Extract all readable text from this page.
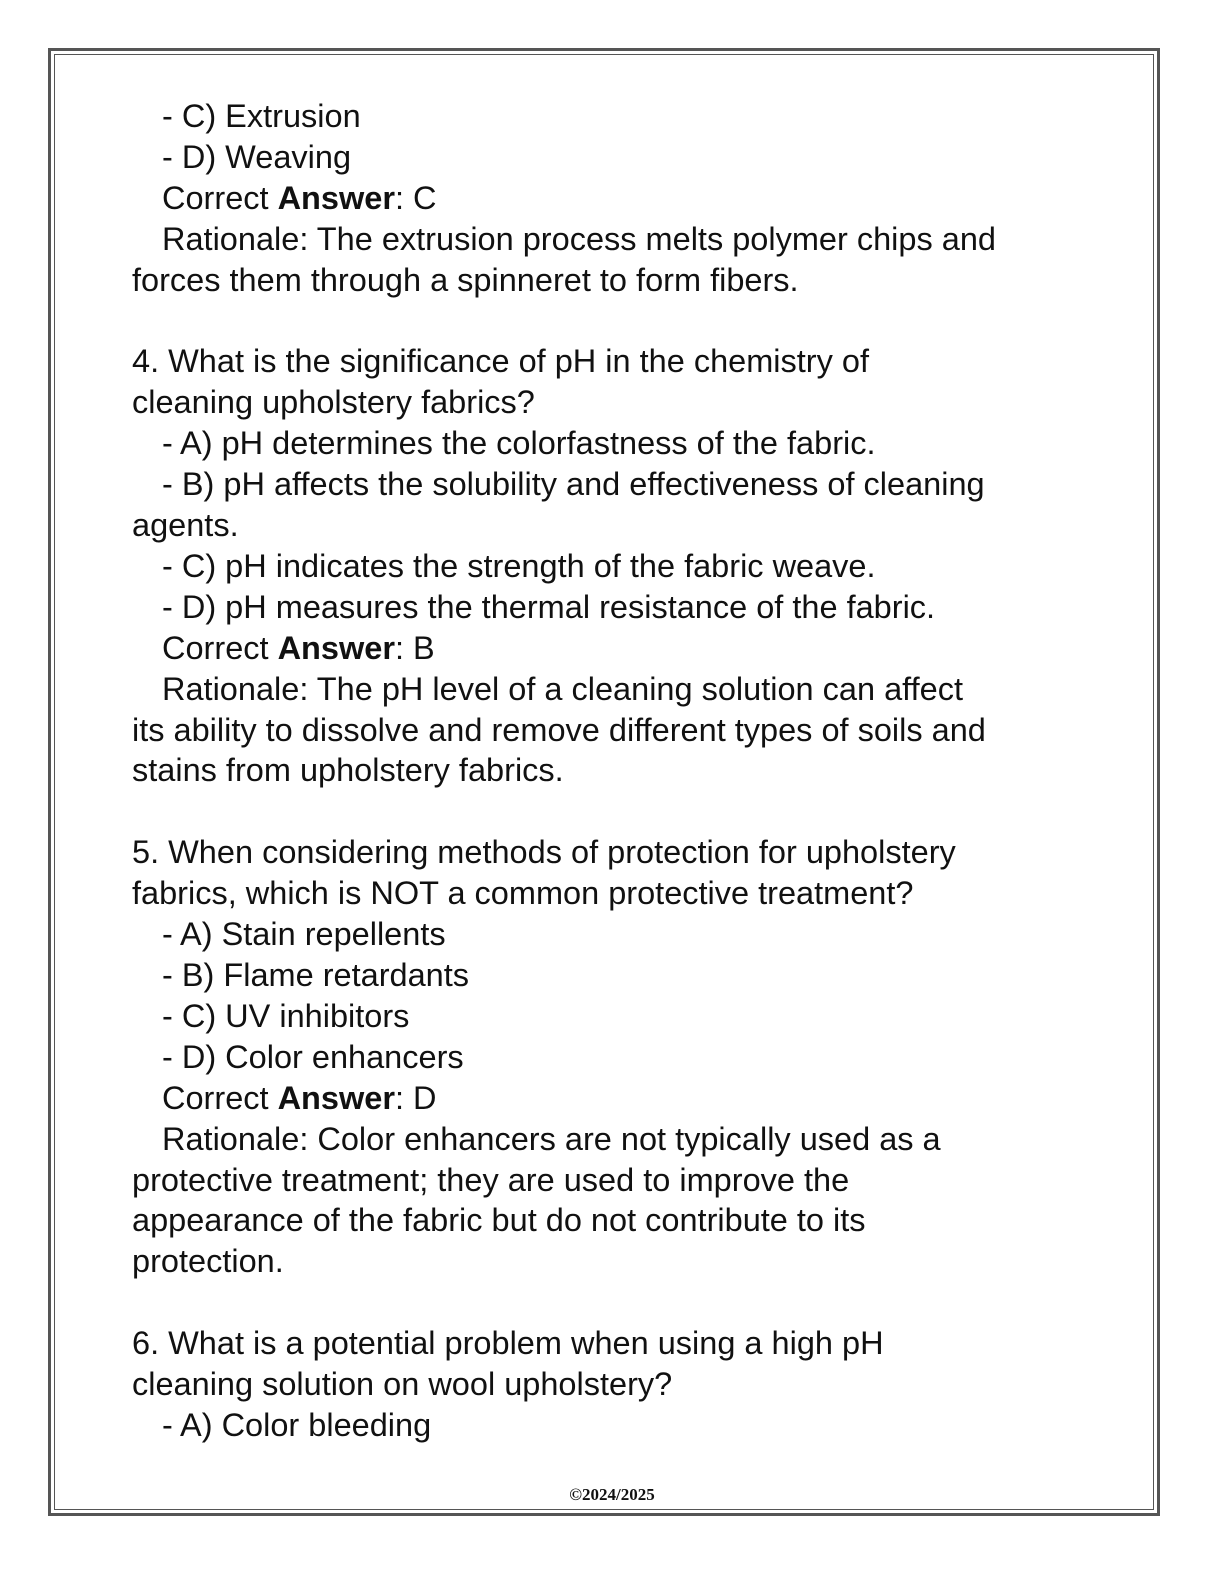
- C) Extrusion
- D) Weaving
Correct Answer: C
Rationale: The extrusion process melts polymer chips and
forces them through a spinneret to form fibers.
4. What is the significance of pH in the chemistry of
cleaning upholstery fabrics?
- A) pH determines the colorfastness of the fabric.
- B) pH affects the solubility and effectiveness of cleaning
agents.
- C) pH indicates the strength of the fabric weave.
- D) pH measures the thermal resistance of the fabric.
Correct Answer: B
Rationale: The pH level of a cleaning solution can affect
its ability to dissolve and remove different types of soils and
stains from upholstery fabrics.
5. When considering methods of protection for upholstery
fabrics, which is NOT a common protective treatment?
- A) Stain repellents
- B) Flame retardants
- C) UV inhibitors
- D) Color enhancers
Correct Answer: D
Rationale: Color enhancers are not typically used as a
protective treatment; they are used to improve the
appearance of the fabric but do not contribute to its
protection.
6. What is a potential problem when using a high pH
cleaning solution on wool upholstery?
- A) Color bleeding
©2024/2025
